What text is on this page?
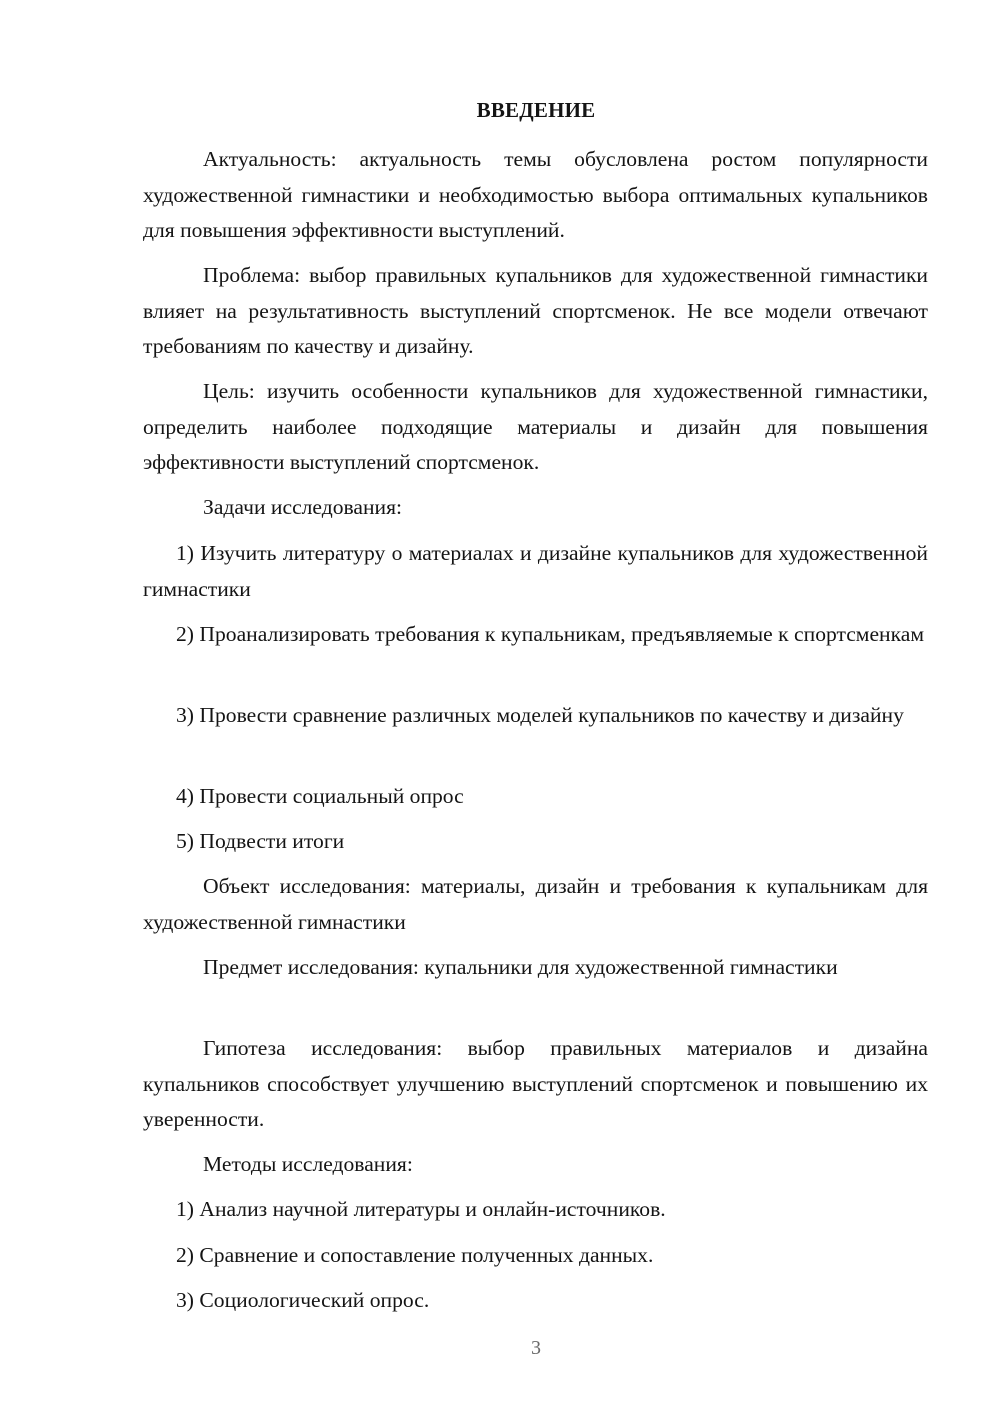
ВВЕДЕНИЕ

Актуальность: актуальность темы обусловлена ростом популярности художественной гимнастики и необходимостью выбора оптимальных купальников для повышения эффективности выступлений.

Проблема: выбор правильных купальников для художественной гимнастики влияет на результативность выступлений спортсменок. Не все модели отвечают требованиям по качеству и дизайну.

Цель: изучить особенности купальников для художественной гимнастики, определить наиболее подходящие материалы и дизайн для повышения эффективности выступлений спортсменок.

Задачи исследования:

1) Изучить литературу о материалах и дизайне купальников для художественной гимнастики

2) Проанализировать требования к купальникам, предъявляемые к спортсменкам

3) Провести сравнение различных моделей купальников по качеству и дизайну

4) Провести социальный опрос

5) Подвести итоги

Объект исследования: материалы, дизайн и требования к купальникам для художественной гимнастики

Предмет исследования: купальники для художественной гимнастики

Гипотеза исследования: выбор правильных материалов и дизайна купальников способствует улучшению выступлений спортсменок и повышению их уверенности.

Методы исследования:

1) Анализ научной литературы и онлайн-источников.

2) Сравнение и сопоставление полученных данных.

3) Социологический опрос.

3
